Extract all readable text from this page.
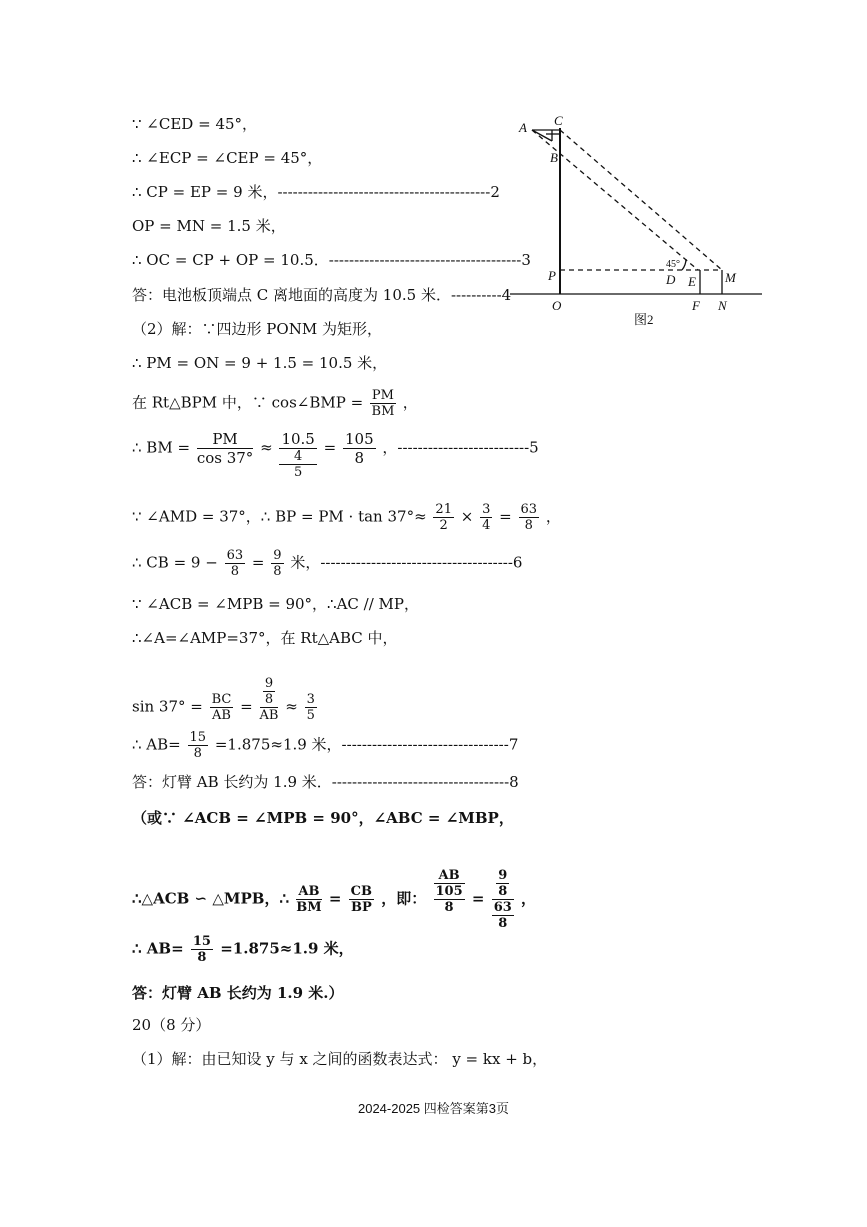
∵ ∠CED = 45°，
∴ ∠ECP = ∠CEP = 45°，
∴ CP = EP = 9 米，------------------------------------------2
OP = MN = 1.5 米，
∴ OC = CP + OP = 10.5．--------------------------------------3
答：电池板顶端点 C 离地面的高度为 10.5 米．----------4
（2）解：∵四边形 PONM 为矩形，
∴ PM = ON = 9 + 1.5 = 10.5 米，
∵ ∠ACB = ∠MPB = 90°，∴AC // MP，
∴∠A=∠AMP=37°，在 Rt△ABC 中，
答：灯臂 AB 长约为 1.9 米．-----------------------------------8
（或∵ ∠ACB = ∠MPB = 90°，∠ABC = ∠MBP，
答：灯臂 AB 长约为 1.9 米.）
20（8 分）
（1）解：由已知设 y 与 x 之间的函数表达式： y = kx + b，
在 Rt△BPM 中，∵ cos∠BMP = $\frac{PM}{BM}$ ，
∴ BM = $\frac{PM}{\cos 37^\circ} \approx 10.5$
4
$5 = \frac{105}{8}$ ，--------------------------5
∵ ∠AMD = 37°，∴ BP = PM · $\tan 37^\circ\approx \frac{21}{2} \times \frac{3}{4} = \frac{63}{8}$ ，
∴ CB = $9 - \frac{63}{8} = \frac{9}{8}$ 米，--------------------------------------6
$\sin 37^\circ = \frac{BC}{AB} = \frac{\frac{9}{8}}{AB} \approx \frac{3}{5}$
∴ $AB= \frac{15}{8} =1.875\approx 1.9$ 米，---------------------------------7
∴△ACB ∽ △MPB，∴ $\frac{AB}{BM} = \frac{CB}{BP}$ ，即： AB
105
$8 = \frac{9}{8}$
63
8 ，
∴ $AB= \frac{15}{8} =1.875\approx 1.9$ 米，
A
B
C
P
O
D E M
F N
45°
图2
2024-2025 四检答案第3页
